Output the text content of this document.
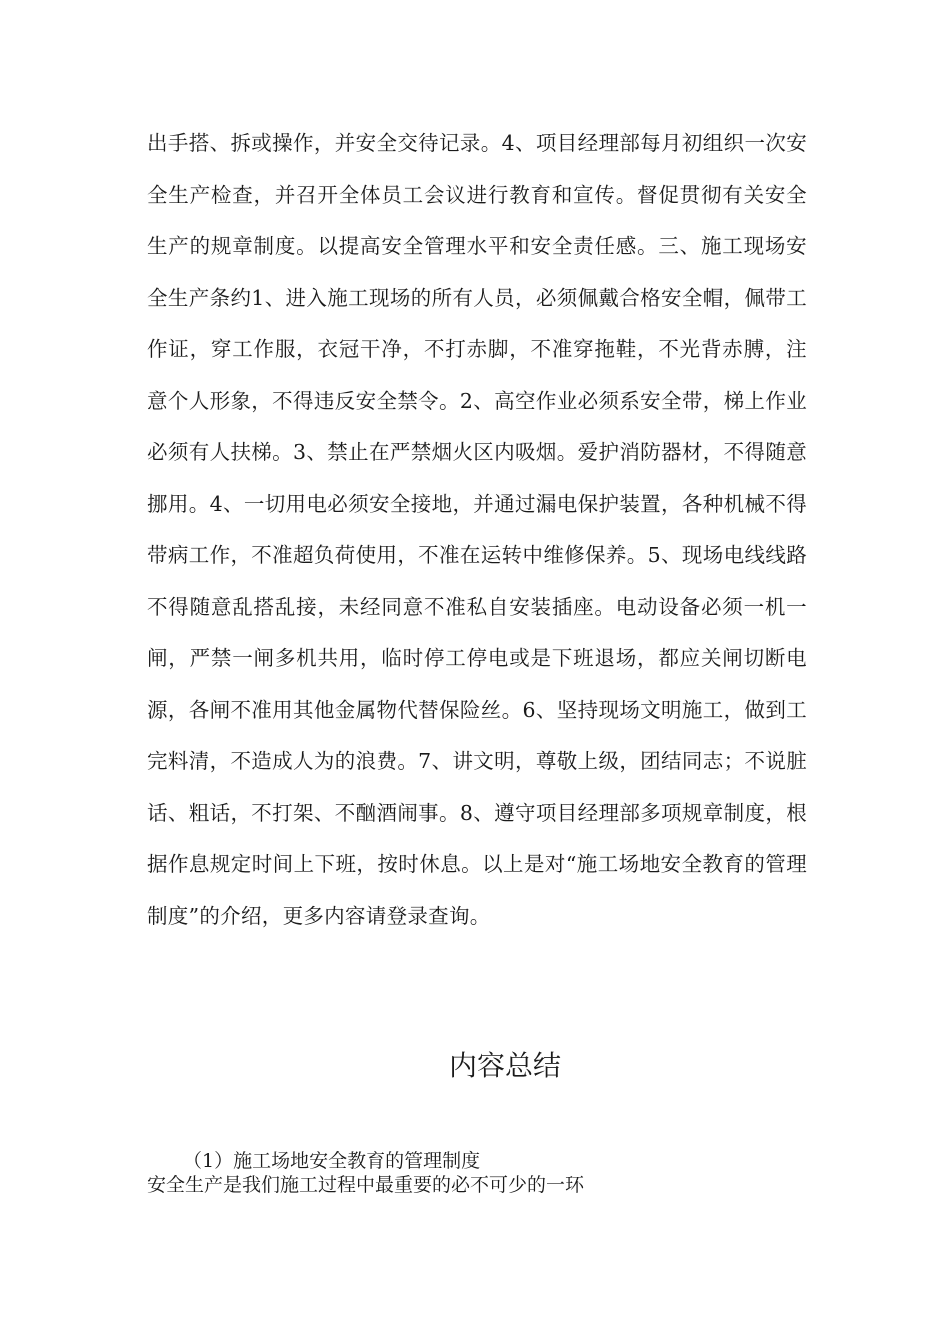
出手搭、拆或操作，并安全交待记录。4、项目经理部每月初组织一次安全生产检查，并召开全体员工会议进行教育和宣传。督促贯彻有关安全生产的规章制度。以提高安全管理水平和安全责任感。三、施工现场安全生产条约1、进入施工现场的所有人员，必须佩戴合格安全帽，佩带工作证，穿工作服，衣冠干净，不打赤脚，不准穿拖鞋，不光背赤膊，注意个人形象，不得违反安全禁令。2、高空作业必须系安全带，梯上作业必须有人扶梯。3、禁止在严禁烟火区内吸烟。爱护消防器材，不得随意挪用。4、一切用电必须安全接地，并通过漏电保护装置，各种机械不得带病工作，不准超负荷使用，不准在运转中维修保养。5、现场电线线路不得随意乱搭乱接，未经同意不准私自安装插座。电动设备必须一机一闸，严禁一闸多机共用，临时停工停电或是下班退场，都应关闸切断电源，各闸不准用其他金属物代替保险丝。6、坚持现场文明施工，做到工完料清，不造成人为的浪费。7、讲文明，尊敬上级，团结同志；不说脏话、粗话，不打架、不酗酒闹事。8、遵守项目经理部多项规章制度，根据作息规定时间上下班，按时休息。以上是对“施工场地安全教育的管理制度”的介绍，更多内容请登录查询。

内容总结

（1）施工场地安全教育的管理制度

安全生产是我们施工过程中最重要的必不可少的一环
